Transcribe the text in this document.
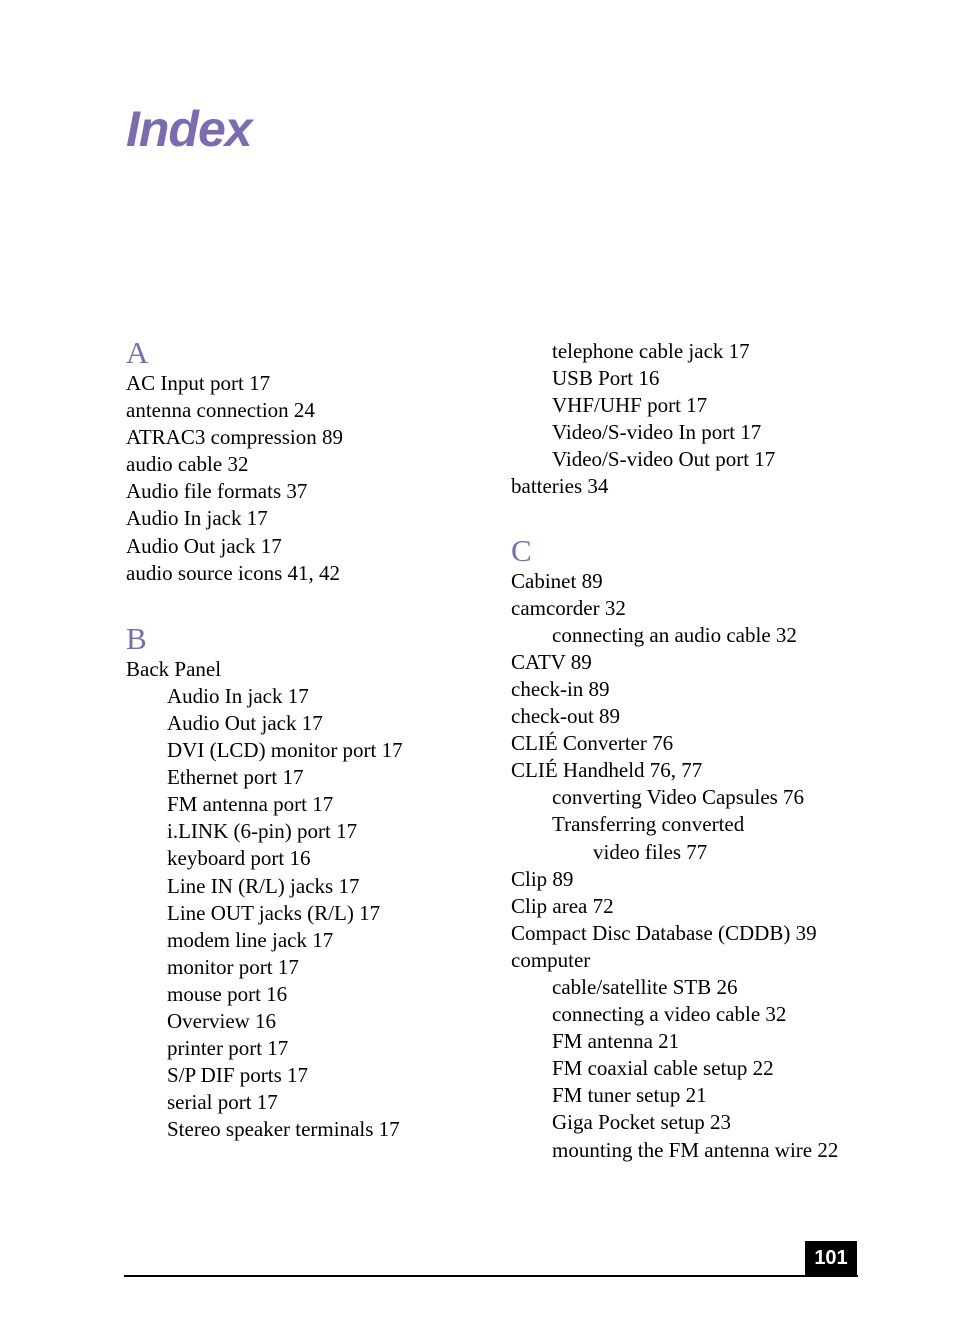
Index
A
AC Input port 17
antenna connection 24
ATRAC3 compression 89
audio cable 32
Audio file formats 37
Audio In jack 17
Audio Out jack 17
audio source icons 41, 42
B
Back Panel
Audio In jack 17
Audio Out jack 17
DVI (LCD) monitor port 17
Ethernet port 17
FM antenna port 17
i.LINK (6-pin) port 17
keyboard port 16
Line IN (R/L) jacks 17
Line OUT jacks (R/L) 17
modem line jack 17
monitor port 17
mouse port 16
Overview 16
printer port 17
S/P DIF ports 17
serial port 17
Stereo speaker terminals 17
telephone cable jack 17
USB Port 16
VHF/UHF port 17
Video/S-video In port 17
Video/S-video Out port 17
batteries 34
C
Cabinet 89
camcorder 32
connecting an audio cable 32
CATV 89
check-in 89
check-out 89
CLIÉ Converter 76
CLIÉ Handheld 76, 77
converting Video Capsules 76
Transferring converted
video files 77
Clip 89
Clip area 72
Compact Disc Database (CDDB) 39
computer
cable/satellite STB 26
connecting a video cable 32
FM antenna 21
FM coaxial cable setup 22
FM tuner setup 21
Giga Pocket setup 23
mounting the FM antenna wire 22
101
